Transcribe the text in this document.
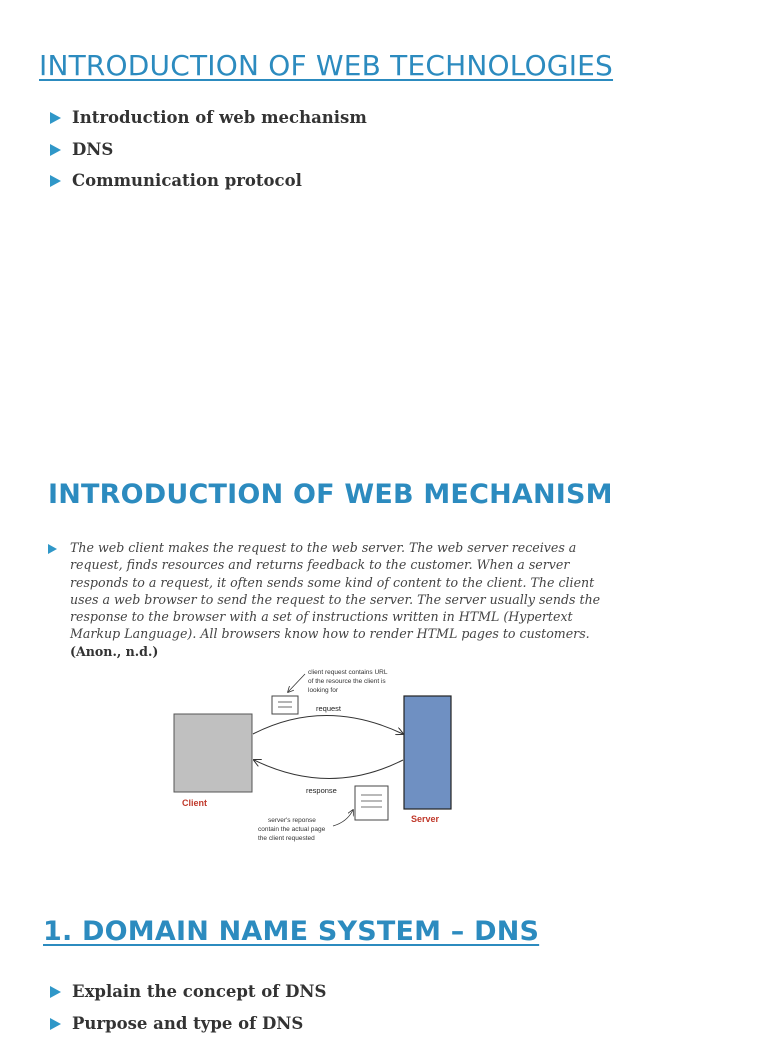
INTRODUCTION OF WEB TECHNOLOGIES
Introduction of web mechanism
DNS
Communication protocol
INTRODUCTION OF WEB MECHANISM
The web client makes the request to the web server. The web server receives a request, finds resources and returns feedback to the customer. When a server responds to a request, it often sends some kind of content to the client. The client uses a web browser to send the request to the server. The server usually sends the response to the browser with a set of instructions written in HTML (Hypertext Markup Language). All browsers know how to render HTML pages to customers. (Anon., n.d.)
Client
Server
request
response
client request contains URL
of the resource the client is
looking for
server's reponse
contain the actual page
the client requested
1. DOMAIN NAME SYSTEM – DNS
Explain the concept of DNS
Purpose and type of DNS
